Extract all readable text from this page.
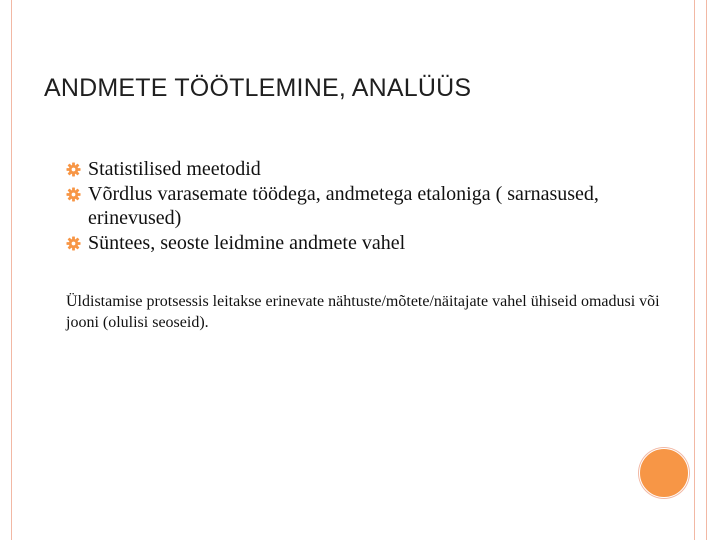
ANDMETE TÖÖTLEMINE, ANALÜÜS
Statistilised meetodid
Võrdlus varasemate töödega, andmetega etaloniga ( sarnasused, erinevused)
Süntees, seoste leidmine andmete vahel

Üldistamise protsessis leitakse erinevate nähtuste/mõtete/näitajate vahel ühiseid omadusi või jooni (olulisi seoseid).
